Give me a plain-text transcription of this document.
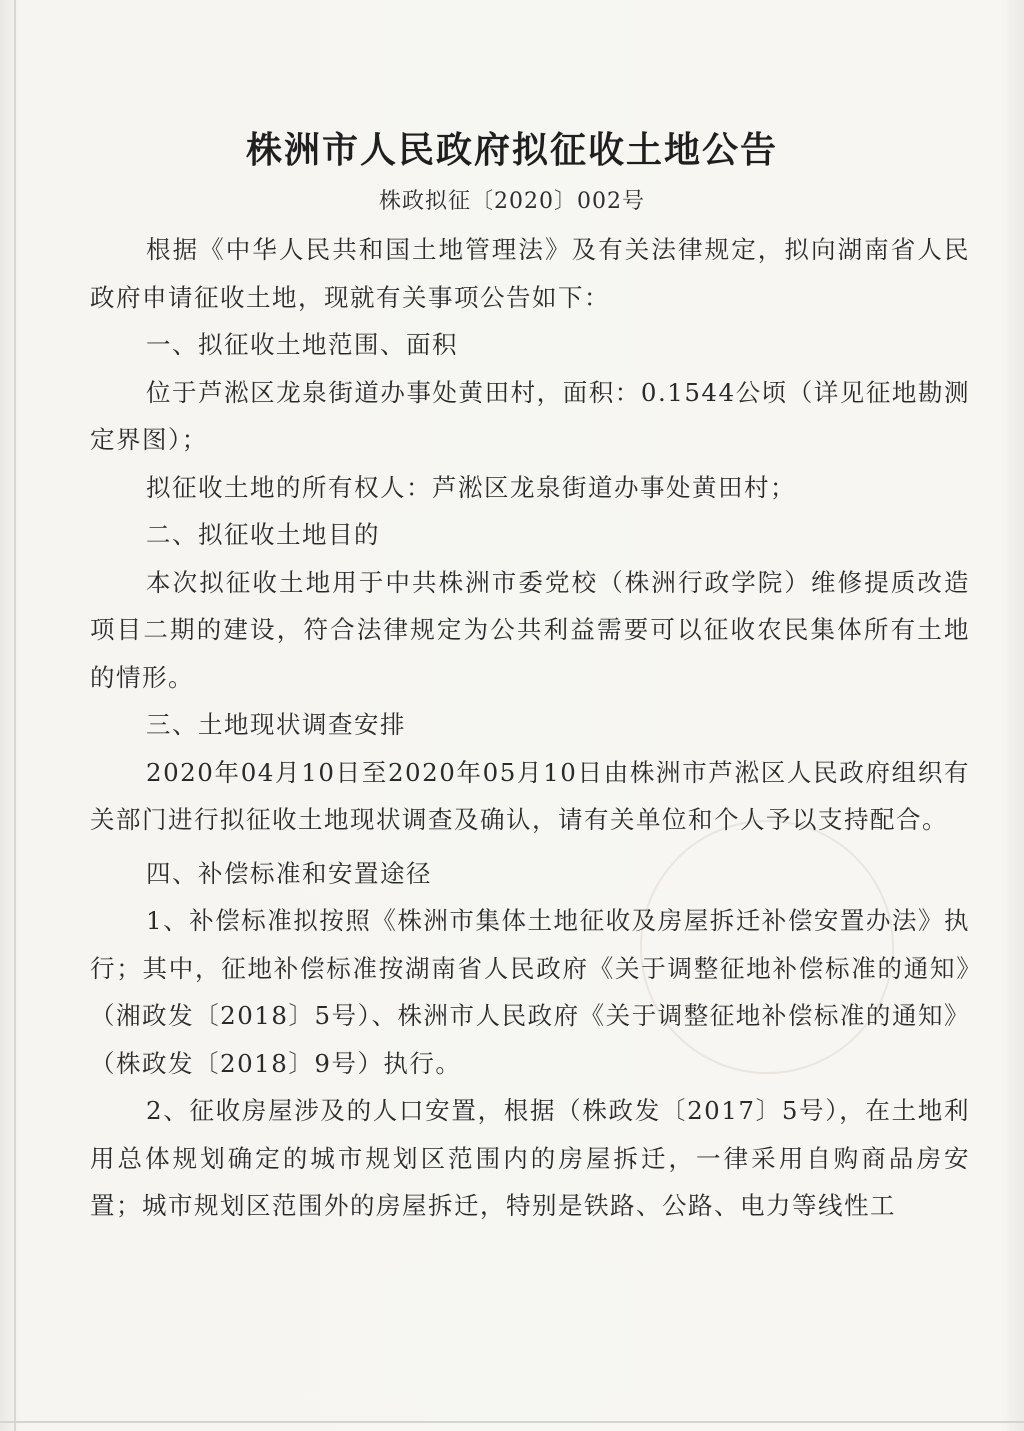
株洲市人民政府拟征收土地公告
株政拟征〔2020〕002号

根据《中华人民共和国土地管理法》及有关法律规定，拟向湖南省人民政府申请征收土地，现就有关事项公告如下：

一、拟征收土地范围、面积

位于芦淞区龙泉街道办事处黄田村，面积：0.1544公顷（详见征地勘测定界图）；

拟征收土地的所有权人：芦淞区龙泉街道办事处黄田村；

二、拟征收土地目的

本次拟征收土地用于中共株洲市委党校（株洲行政学院）维修提质改造项目二期的建设，符合法律规定为公共利益需要可以征收农民集体所有土地的情形。

三、土地现状调查安排

2020年04月10日至2020年05月10日由株洲市芦淞区人民政府组织有关部门进行拟征收土地现状调查及确认，请有关单位和个人予以支持配合。

四、补偿标准和安置途径

1、补偿标准拟按照《株洲市集体土地征收及房屋拆迁补偿安置办法》执行；其中，征地补偿标准按湖南省人民政府《关于调整征地补偿标准的通知》（湘政发〔2018〕5号）、株洲市人民政府《关于调整征地补偿标准的通知》（株政发〔2018〕9号）执行。

2、征收房屋涉及的人口安置，根据（株政发〔2017〕5号），在土地利用总体规划确定的城市规划区范围内的房屋拆迁，一律采用自购商品房安置；城市规划区范围外的房屋拆迁，特别是铁路、公路、电力等线性工
